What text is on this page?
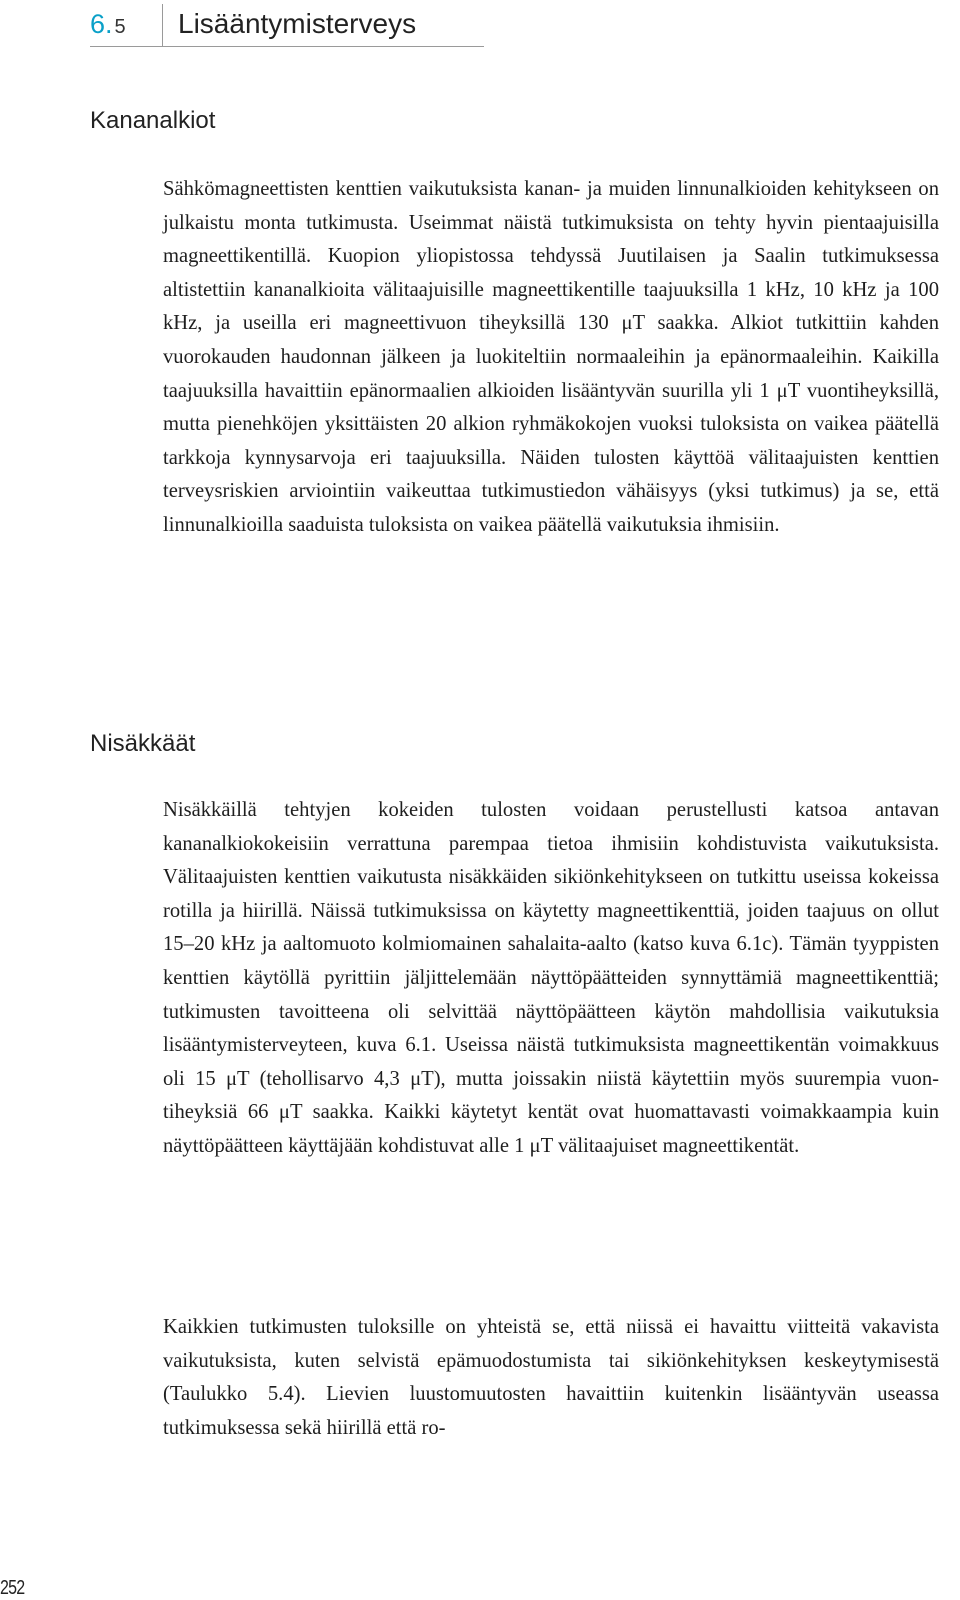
6. 5 Lisääntymisterveys
Kananalkiot

Sähkömagneettisten kenttien vaikutuksista kanan- ja muiden linnunalkioiden kehitykseen on julkaistu monta tutkimusta. Useimmat näistä tutkimuksista on tehty hyvin pientaajuisilla magneettikentillä. Kuopion yliopistossa tehdyssä Juutilaisen ja Saalin tutkimuksessa altistettiin kananalkioita välitaajuisille magneettikentille taajuuksilla 1 kHz, 10 kHz ja 100 kHz, ja useilla eri magneettivuon tiheyksillä 130 μT saakka. Alkiot tutkittiin kahden vuorokauden haudonnan jälkeen ja luokiteltiin normaaleihin ja epänormaaleihin. Kaikilla taajuuksilla havaittiin epänormaalien alkioiden lisääntyvän suurilla yli 1 μT vuontiheyksillä, mutta pienehköjen yksittäisten 20 alkion ryhmäkokojen vuoksi tuloksista on vaikea päätellä tarkkoja kynnysarvoja eri taajuuksilla. Näiden tulosten käyttöä välitaajuisten kenttien terveysriskien arviointiin vaikeuttaa tutkimustiedon vähäisyys (yksi tutkimus) ja se, että linnunalkioilla saaduista tuloksista on vaikea päätellä vaikutuksia ihmisiin.

Nisäkkäät

Nisäkkäillä tehtyjen kokeiden tulosten voidaan perustellusti katsoa antavan kananalkiokokeisiin verrattuna parempaa tietoa ihmisiin kohdistuvista vaikutuksista. Välitaajuisten kenttien vaikutusta nisäkkäiden sikiönkehitykseen on tutkittu useissa kokeissa rotilla ja hiirillä. Näissä tutkimuksissa on käytetty magneettikenttiä, joiden taajuus on ollut 15–20 kHz ja aaltomuoto kolmiomainen sahalaita-aalto (katso kuva 6.1c). Tämän tyyppisten kenttien käytöllä pyrittiin jäljittelemään näyttöpäätteiden synnyttämiä magneettikenttiä; tutkimusten tavoitteena oli selvittää näyttöpäätteen käytön mahdollisia vaikutuksia lisääntymisterveyteen, kuva 6.1. Useissa näistä tutkimuksista magneettikentän voimakkuus oli 15 μT (tehollisarvo 4,3 μT), mutta joissakin niistä käytettiin myös suurempia vuontiheyksiä 66 μT saakka. Kaikki käytetyt kentät ovat huomattavasti voimakkaampia kuin näyttöpäätteen käyttäjään kohdistuvat alle 1 μT välitaajuiset magneettikentät.

Kaikkien tutkimusten tuloksille on yhteistä se, että niissä ei havaittu viitteitä vakavista vaikutuksista, kuten selvistä epämuodostumista tai sikiönkehityksen keskeytymisestä (Taulukko 5.4). Lievien luustomuutosten havaittiin kuitenkin lisääntyvän useassa tutkimuksessa sekä hiirillä että ro-

252
